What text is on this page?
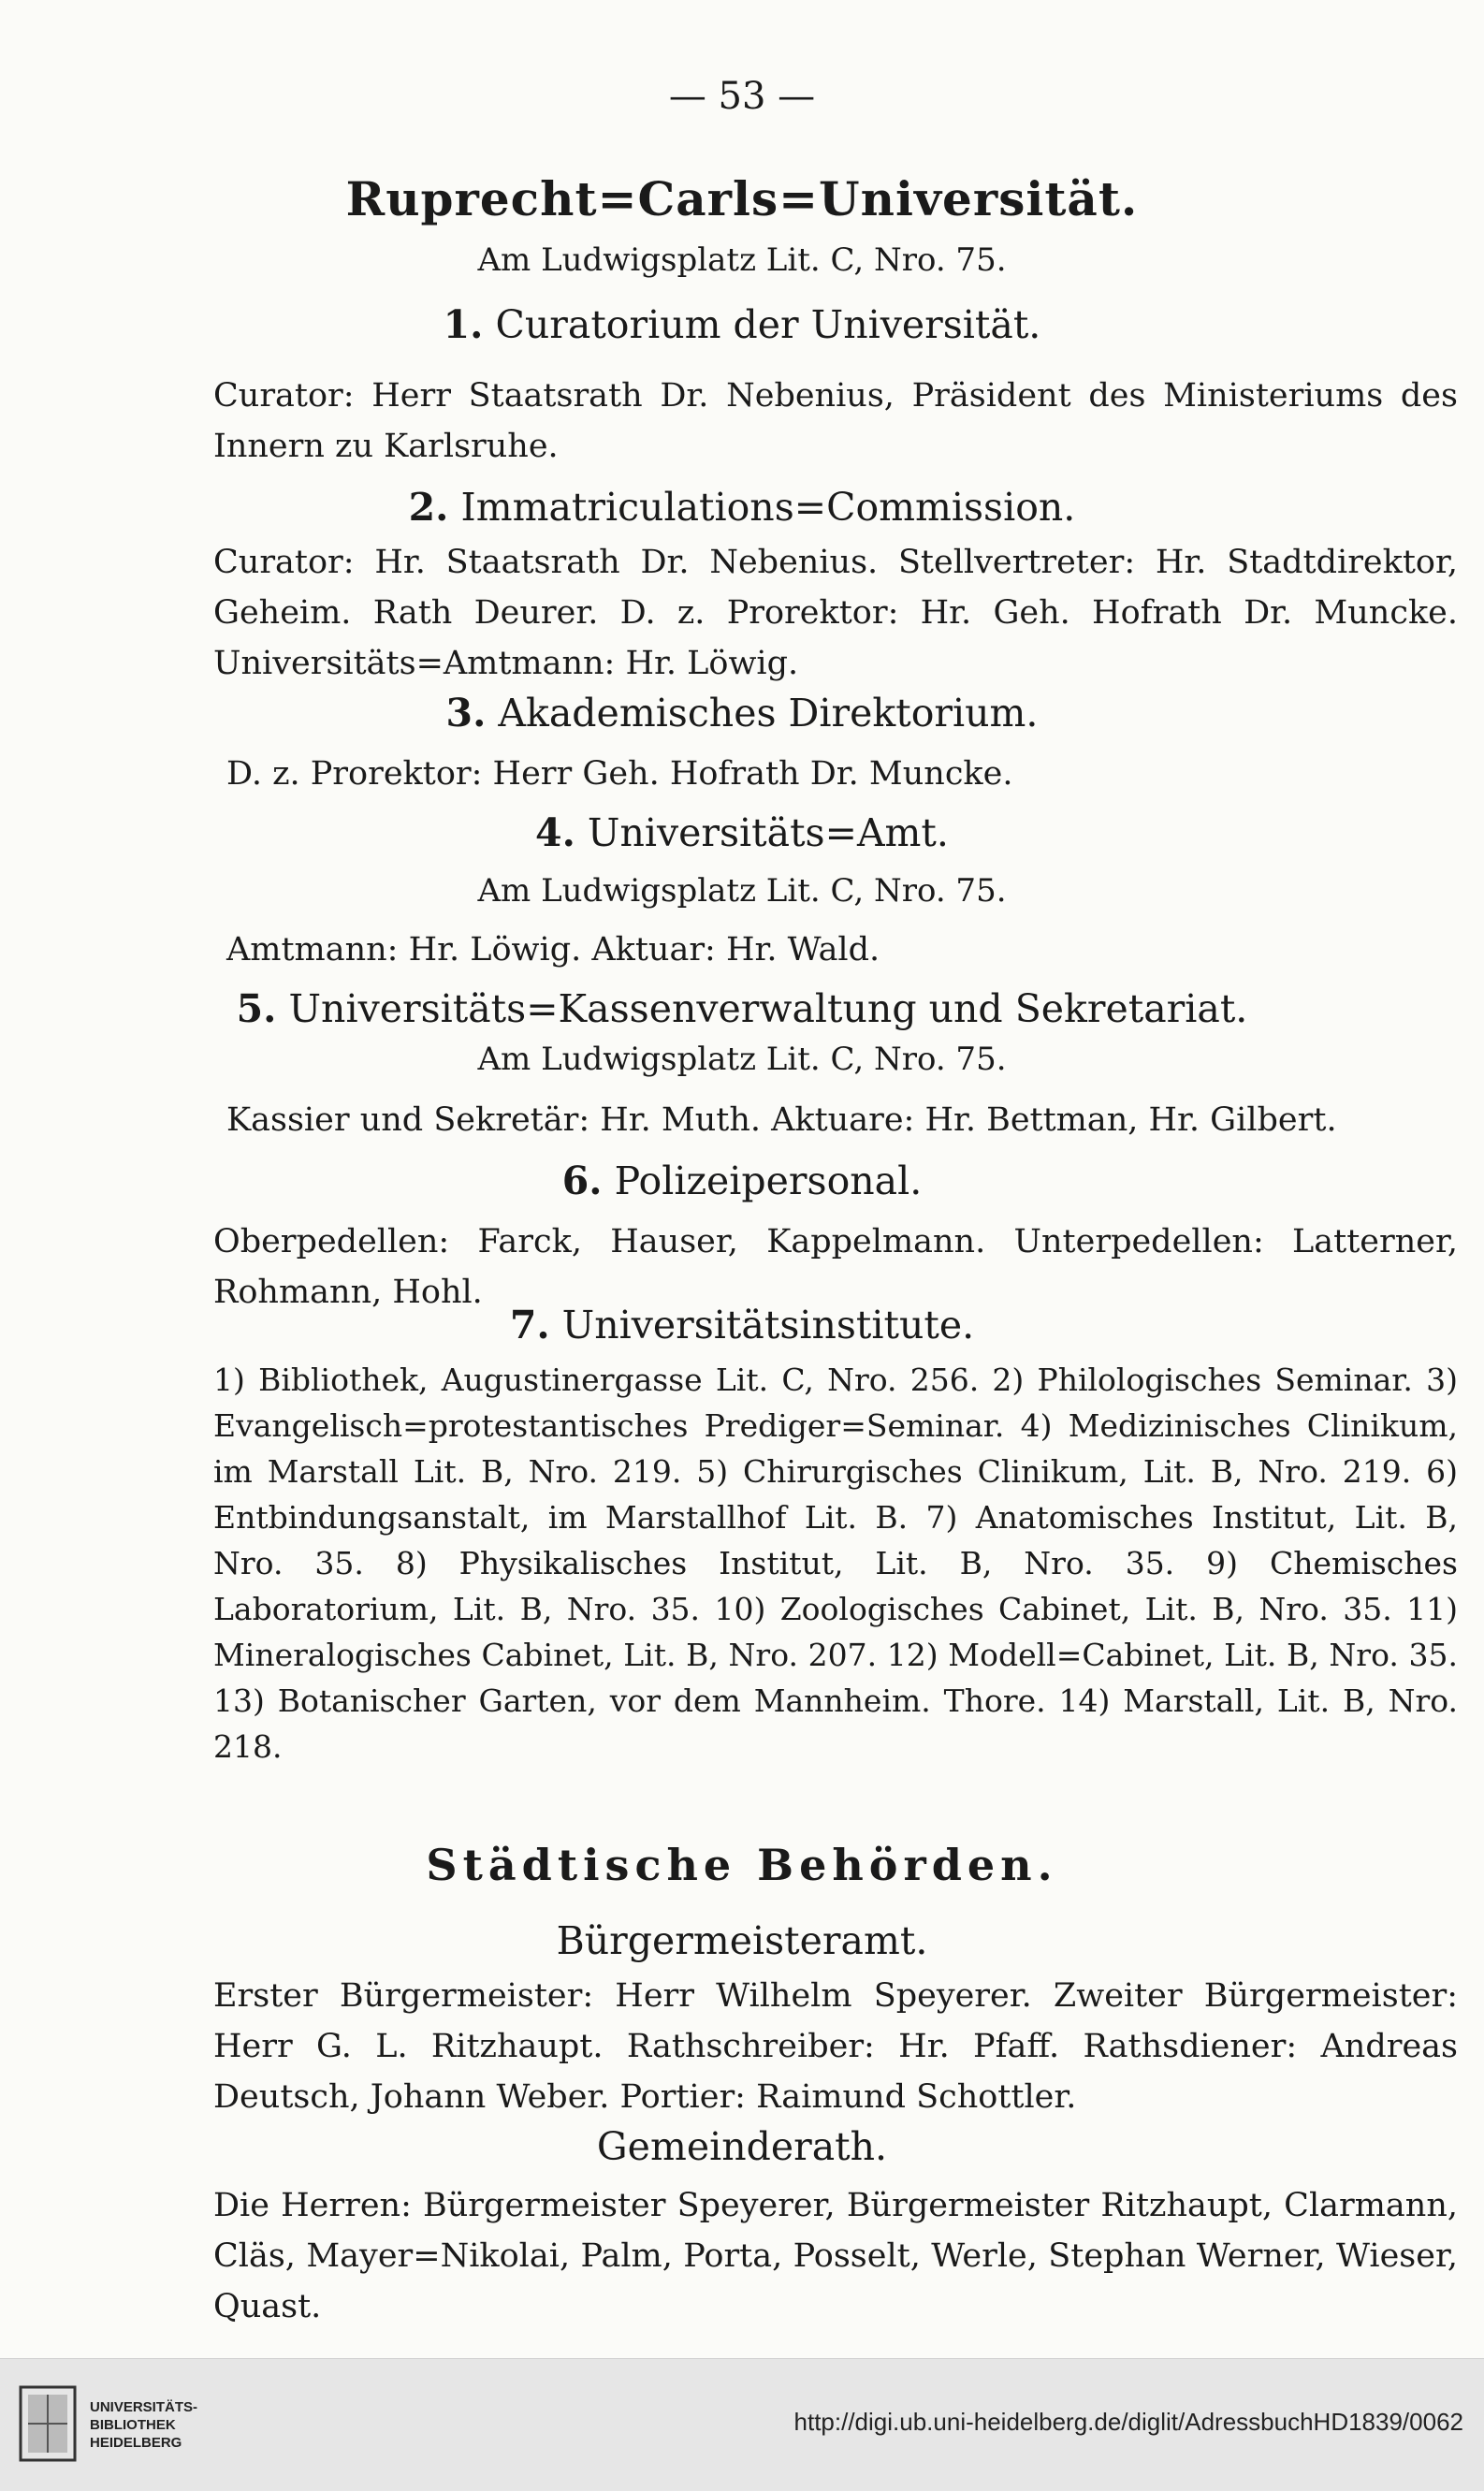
— 53 —
Ruprecht=Carls=Universität.
Am Ludwigsplatz Lit. C, Nro. 75.
1. Curatorium der Universität.
Curator: Herr Staatsrath Dr. Nebenius, Präsident des Ministeriums des Innern zu Karlsruhe.
2. Immatriculations=Commission.
Curator: Hr. Staatsrath Dr. Nebenius. Stellvertreter: Hr. Stadtdirektor, Geheim. Rath Deurer. D. z. Prorektor: Hr. Geh. Hofrath Dr. Muncke. Universitäts=Amtmann: Hr. Löwig.
3. Akademisches Direktorium.
D. z. Prorektor: Herr Geh. Hofrath Dr. Muncke.
4. Universitäts=Amt.
Am Ludwigsplatz Lit. C, Nro. 75.
Amtmann: Hr. Löwig. Aktuar: Hr. Wald.
5. Universitäts=Kassenverwaltung und Sekretariat.
Am Ludwigsplatz Lit. C, Nro. 75.
Kassier und Sekretär: Hr. Muth. Aktuare: Hr. Bettman, Hr. Gilbert.
6. Polizeipersonal.
Oberpedellen: Farck, Hauser, Kappelmann. Unterpedellen: Latterner, Rohmann, Hohl.
7. Universitätsinstitute.
1) Bibliothek, Augustinergasse Lit. C, Nro. 256. 2) Philologisches Seminar. 3) Evangelisch=protestantisches Prediger=Seminar. 4) Medizinisches Clinikum, im Marstall Lit. B, Nro. 219. 5) Chirurgisches Clinikum, Lit. B, Nro. 219. 6) Entbindungsanstalt, im Marstallhof Lit. B. 7) Anatomisches Institut, Lit. B, Nro. 35. 8) Physikalisches Institut, Lit. B, Nro. 35. 9) Chemisches Laboratorium, Lit. B, Nro. 35. 10) Zoologisches Cabinet, Lit. B, Nro. 35. 11) Mineralogisches Cabinet, Lit. B, Nro. 207. 12) Modell=Cabinet, Lit. B, Nro. 35. 13) Botanischer Garten, vor dem Mannheim. Thore. 14) Marstall, Lit. B, Nro. 218.
Städtische Behörden.
Bürgermeisteramt.
Erster Bürgermeister: Herr Wilhelm Speyerer. Zweiter Bürgermeister: Herr G. L. Ritzhaupt. Rathschreiber: Hr. Pfaff. Rathsdiener: Andreas Deutsch, Johann Weber. Portier: Raimund Schottler.
Gemeinderath.
Die Herren: Bürgermeister Speyerer, Bürgermeister Ritzhaupt, Clarmann, Cläs, Mayer=Nikolai, Palm, Porta, Posselt, Werle, Stephan Werner, Wieser, Quast.
UNIVERSITÄTS-
BIBLIOTHEK
HEIDELBERG
http://digi.ub.uni-heidelberg.de/diglit/AdressbuchHD1839/0062
